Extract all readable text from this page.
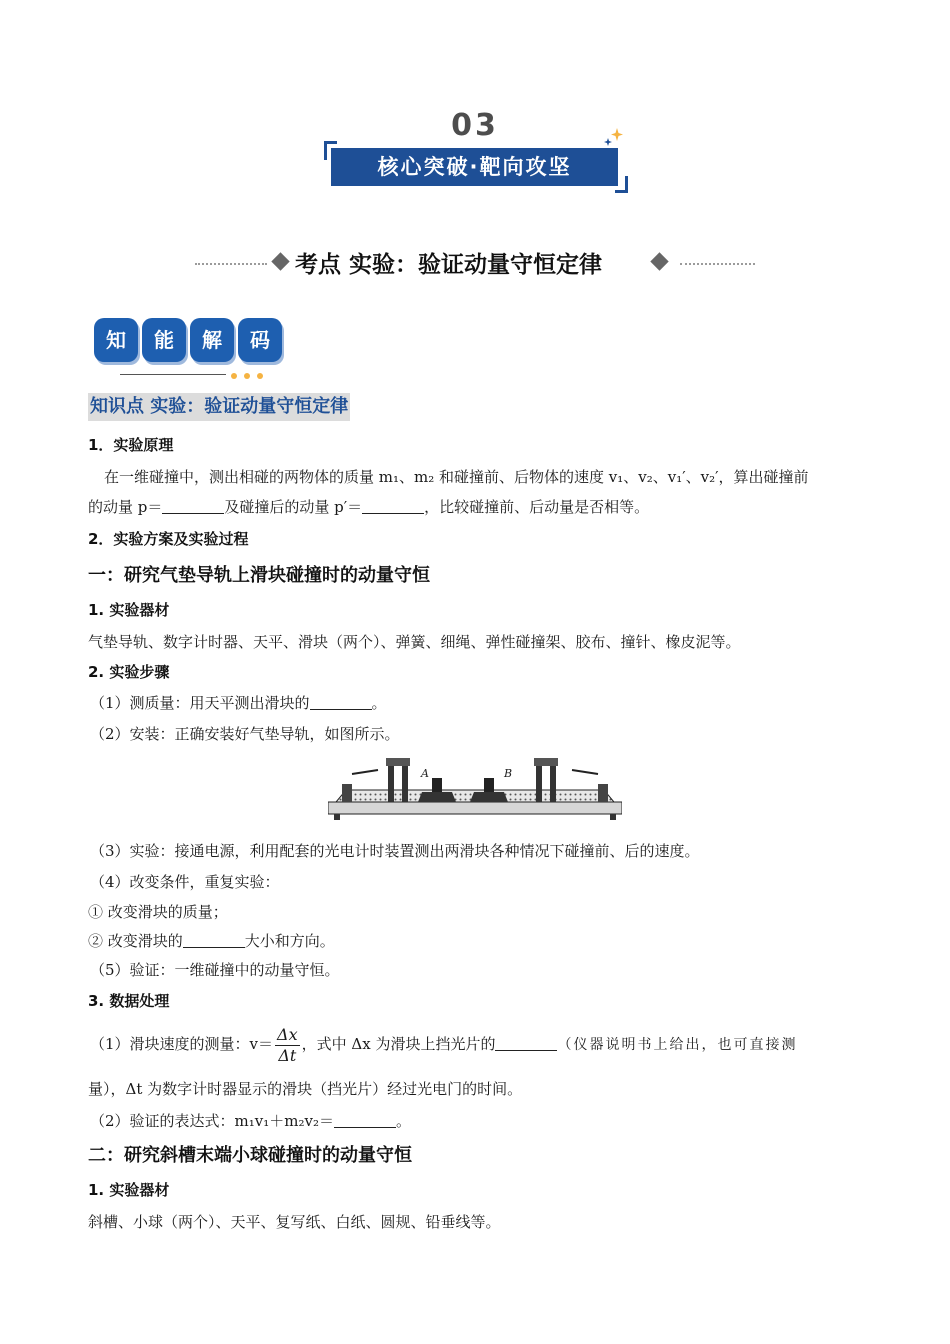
03
核心突破·靶向攻坚
考点 实验：验证动量守恒定律
知	能	解	码
知识点 实验：验证动量守恒定律
1．实验原理
在一维碰撞中，测出相碰的两物体的质量 m₁、m₂ 和碰撞前、后物体的速度 v₁、v₂、v₁′、v₂′，算出碰撞前
的动量 p＝	及碰撞后的动量 p′＝	，比较碰撞前、后动量是否相等。
2．实验方案及实验过程
一：研究气垫导轨上滑块碰撞时的动量守恒
1. 实验器材
气垫导轨、数字计时器、天平、滑块（两个）、弹簧、细绳、弹性碰撞架、胶布、撞针、橡皮泥等。
2. 实验步骤
（1）测质量：用天平测出滑块的	。
（2）安装：正确安装好气垫导轨，如图所示。
A	B
（3）实验：接通电源，利用配套的光电计时装置测出两滑块各种情况下碰撞前、后的速度。
（4）改变条件，重复实验：
① 改变滑块的质量；
② 改变滑块的	大小和方向。
（5）验证：一维碰撞中的动量守恒。
3. 数据处理
（1）滑块速度的测量：$v= \frac{\Delta x}{\Delta t}$ ，式中 Δx 为滑块上挡光片的	（仪器说明书上给出，也可直接测
量），Δt 为数字计时器显示的滑块（挡光片）经过光电门的时间。
（2）验证的表达式：m₁v₁＋m₂v₂＝	。
二：研究斜槽末端小球碰撞时的动量守恒
1. 实验器材
斜槽、小球（两个）、天平、复写纸、白纸、圆规、铅垂线等。
